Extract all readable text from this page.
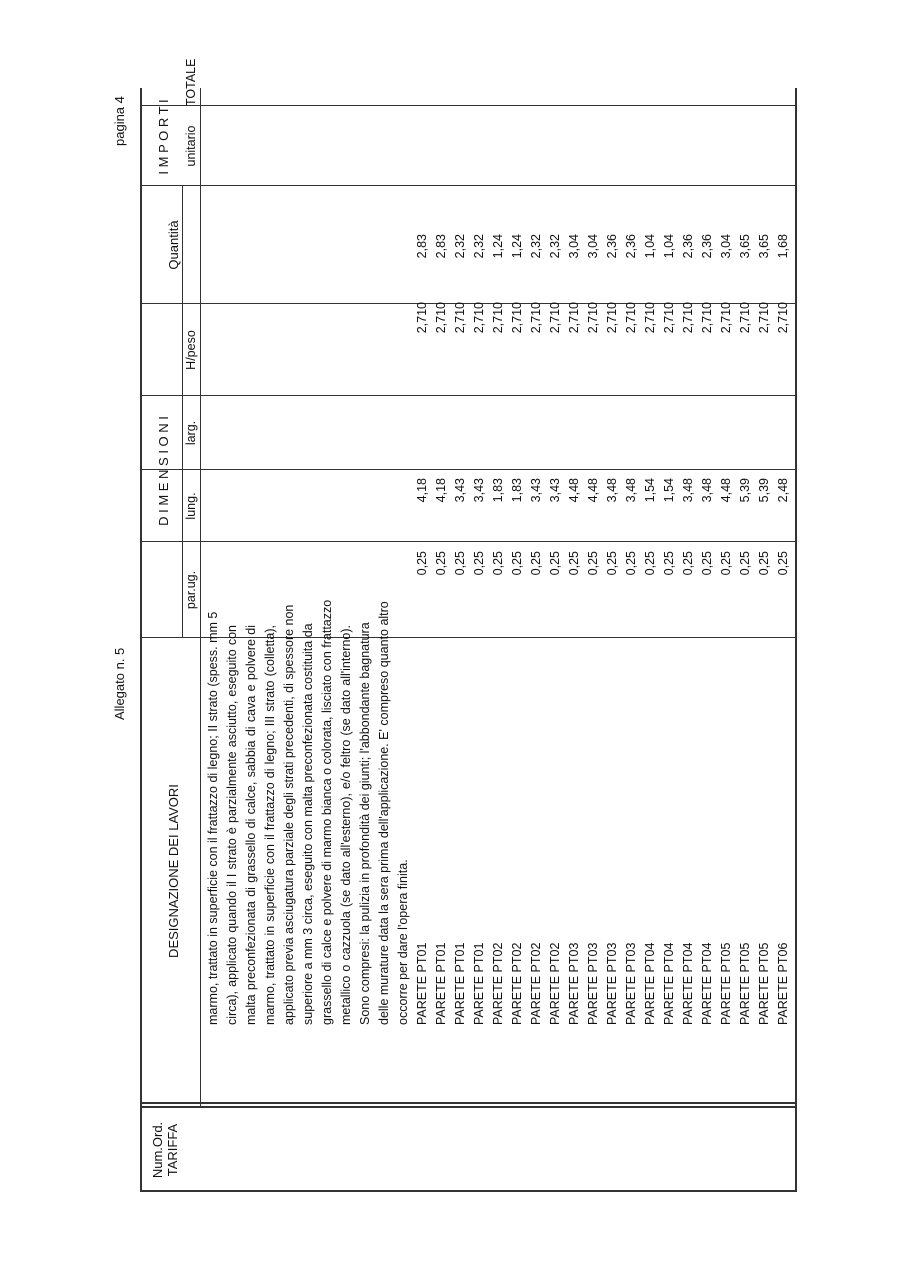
Allegato n. 5
pagina 4
Num.Ord. TARIFFA
DESIGNAZIONE DEI LAVORI
D I M E N S I O N I
Quantità
I M P O R T I
par.ug.
lung.
larg.
H/peso
unitario
TOTALE
marmo, trattato in superficie con il frattazzo di legno; II strato (spess. mm 5 circa), applicato quando il I strato è parzialmente asciutto, eseguito con malta preconfezionata di grassello di calce, sabbia di cava e polvere di marmo, trattato in superficie con il frattazzo di legno; III strato (colletta), applicato previa asciugatura parziale degli strati precedenti, di spessore non superiore a mm 3 circa, eseguito con malta preconfezionata costituita da grassello di calce e polvere di marmo bianca o colorata, lisciato con frattazzo metallico o cazzuola (se dato all'esterno), e/o feltro (se dato all'interno). Sono compresi: la pulizia in profondità dei giunti; l'abbondante bagnatura delle murature data la sera prima dell'applicazione. E' compreso quanto altro occorre per dare l'opera finita. PARETE PT01
0,25
4,18
2,710
2,83
PARETE PT01
0,25
4,18
2,710
2,83
PARETE PT01
0,25
3,43
2,710
2,32
PARETE PT01
0,25
3,43
2,710
2,32
PARETE PT02
0,25
1,83
2,710
1,24
PARETE PT02
0,25
1,83
2,710
1,24
PARETE PT02
0,25
3,43
2,710
2,32
PARETE PT02
0,25
3,43
2,710
2,32
PARETE PT03
0,25
4,48
2,710
3,04
PARETE PT03
0,25
4,48
2,710
3,04
PARETE PT03
0,25
3,48
2,710
2,36
PARETE PT03
0,25
3,48
2,710
2,36
PARETE PT04
0,25
1,54
2,710
1,04
PARETE PT04
0,25
1,54
2,710
1,04
PARETE PT04
0,25
3,48
2,710
2,36
PARETE PT04
0,25
3,48
2,710
2,36
PARETE PT05
0,25
4,48
2,710
3,04
PARETE PT05
0,25
5,39
2,710
3,65
PARETE PT05
0,25
5,39
2,710
3,65
PARETE PT06
0,25
2,48
2,710
1,68
